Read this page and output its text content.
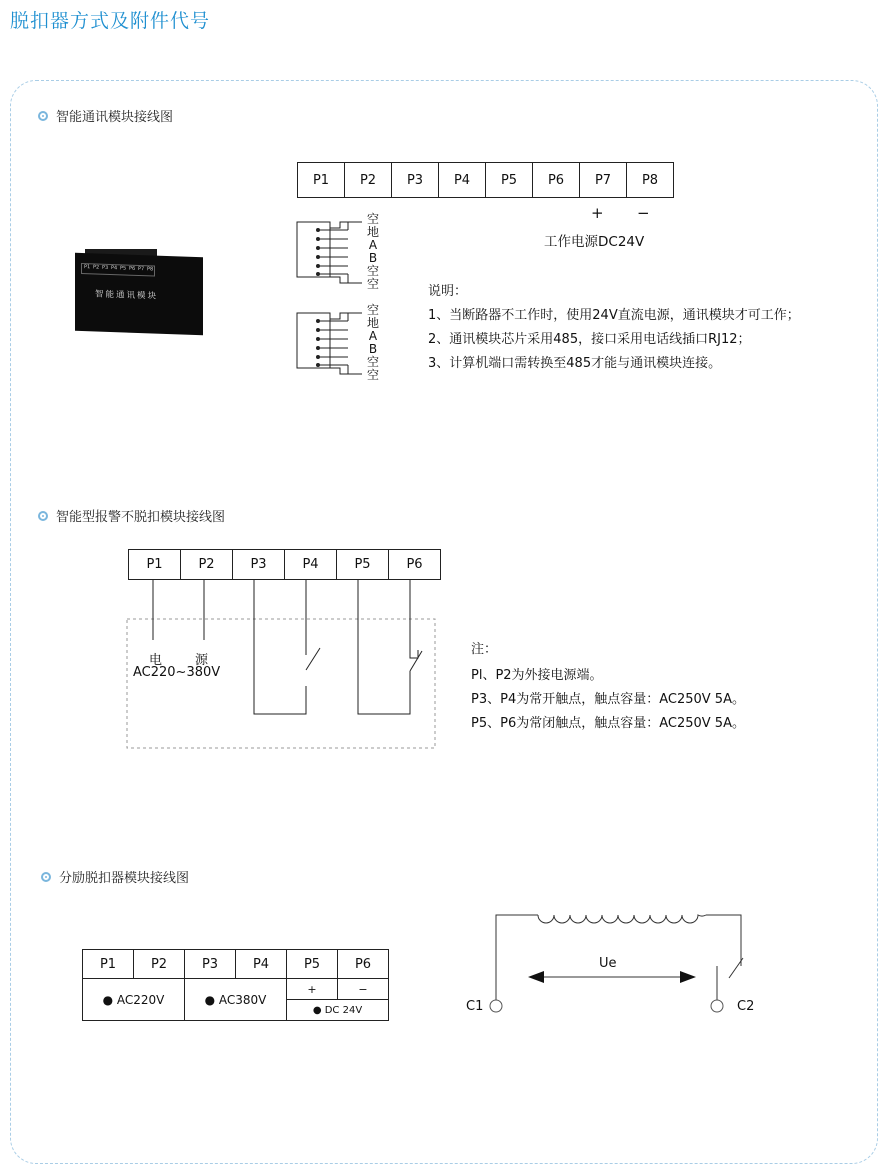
脱扣器方式及附件代号
智能通讯模块接线图
P1 P2 P3 P4 P5 P6 P7 P8
智能通讯模块
P1	P2	P3	P4	P5	P6	P7	P8
+ −
工作电源DC24V
空
地
A
B
空
空
空
地
A
B
空
空
说明：
1、当断路器不工作时，使用24V直流电源，通讯模块才可工作；
2、通讯模块芯片采用485，接口采用电话线插口RJ12；
3、计算机端口需转换至485才能与通讯模块连接。
智能型报警不脱扣模块接线图
P1	P2	P3	P4	P5	P6
电	源
AC220~380V
注：
Pl、P2为外接电源端。
P3、P4为常开触点，触点容量：AC250V 5A。
P5、P6为常闭触点，触点容量：AC250V 5A。
分励脱扣器模块接线图
P1	P2	P3	P4	P5	P6
● AC220V		● AC380V		+	−
				● DC 24V	
Ue
C1	C2
